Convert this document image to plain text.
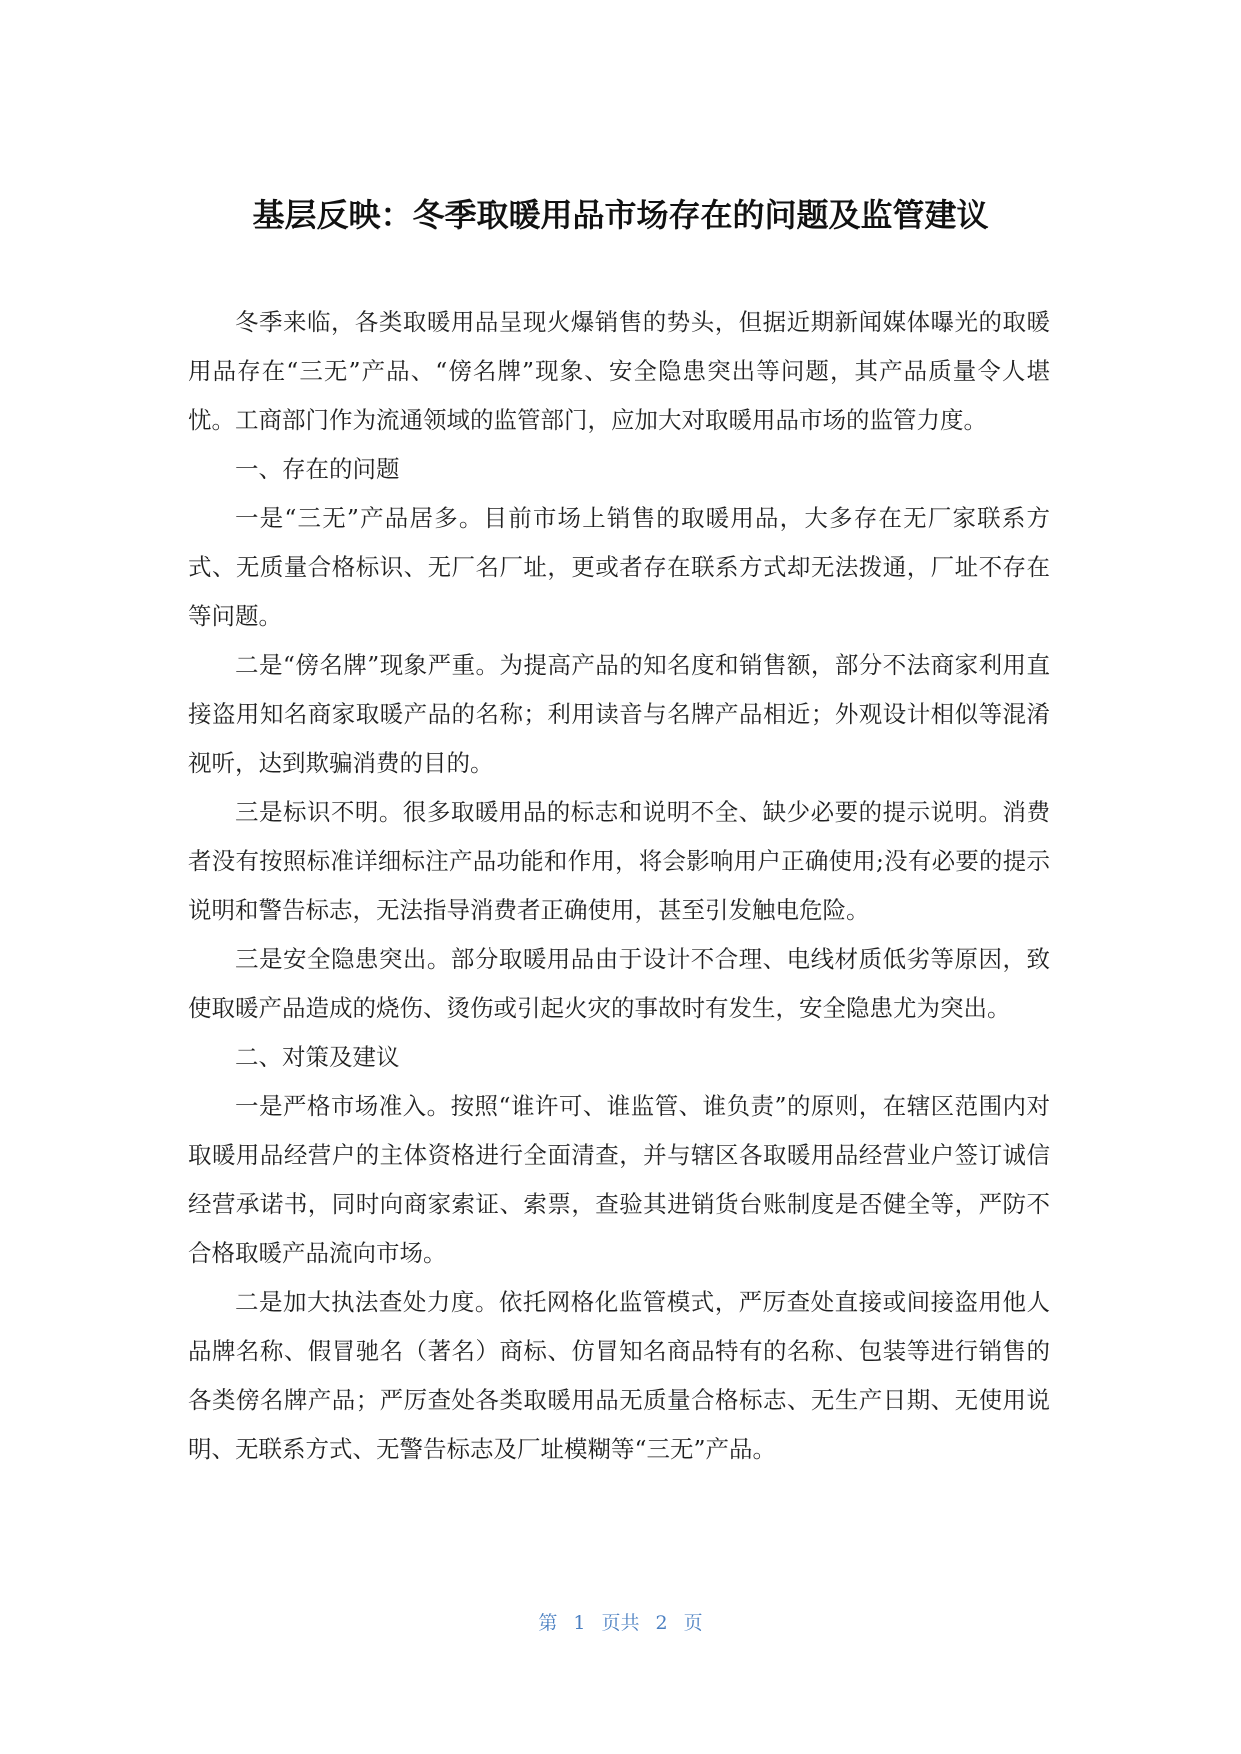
基层反映：冬季取暖用品市场存在的问题及监管建议

冬季来临，各类取暖用品呈现火爆销售的势头，但据近期新闻媒体曝光的取暖用品存在“三无”产品、“傍名牌”现象、安全隐患突出等问题，其产品质量令人堪忧。工商部门作为流通领域的监管部门，应加大对取暖用品市场的监管力度。

一、存在的问题

一是“三无”产品居多。目前市场上销售的取暖用品，大多存在无厂家联系方式、无质量合格标识、无厂名厂址，更或者存在联系方式却无法拨通，厂址不存在等问题。

二是“傍名牌”现象严重。为提高产品的知名度和销售额，部分不法商家利用直接盗用知名商家取暖产品的名称；利用读音与名牌产品相近；外观设计相似等混淆视听，达到欺骗消费的目的。

三是标识不明。很多取暖用品的标志和说明不全、缺少必要的提示说明。消费者没有按照标准详细标注产品功能和作用，将会影响用户正确使用;没有必要的提示说明和警告标志，无法指导消费者正确使用，甚至引发触电危险。

三是安全隐患突出。部分取暖用品由于设计不合理、电线材质低劣等原因，致使取暖产品造成的烧伤、烫伤或引起火灾的事故时有发生，安全隐患尤为突出。

二、对策及建议

一是严格市场准入。按照“谁许可、谁监管、谁负责”的原则，在辖区范围内对取暖用品经营户的主体资格进行全面清查，并与辖区各取暖用品经营业户签订诚信经营承诺书，同时向商家索证、索票，查验其进销货台账制度是否健全等，严防不合格取暖产品流向市场。

二是加大执法查处力度。依托网格化监管模式，严厉查处直接或间接盗用他人品牌名称、假冒驰名（著名）商标、仿冒知名商品特有的名称、包装等进行销售的各类傍名牌产品；严厉查处各类取暖用品无质量合格标志、无生产日期、无使用说明、无联系方式、无警告标志及厂址模糊等“三无”产品。

第 1 页共 2 页
